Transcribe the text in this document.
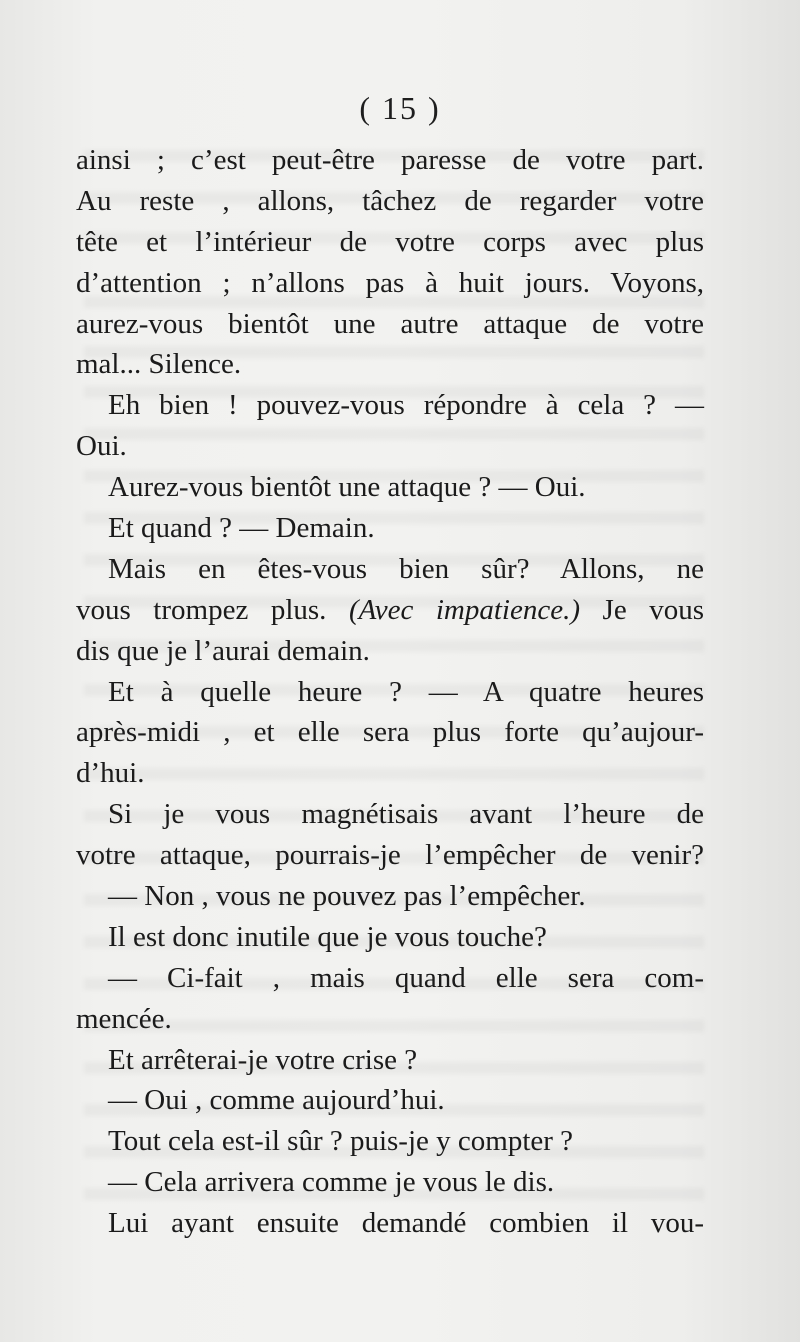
( 15 )
ainsi ; c’est peut-être paresse de votre part.
Au reste , allons, tâchez de regarder votre
tête et l’intérieur de votre corps avec plus
d’attention ; n’allons pas à huit jours. Voyons,
aurez-vous bientôt une autre attaque de votre
mal... Silence.
Eh bien ! pouvez-vous répondre à cela ? —
Oui.
Aurez-vous bientôt une attaque ? — Oui.
Et quand ? — Demain.
Mais en êtes-vous bien sûr? Allons, ne
vous trompez plus. (Avec impatience.) Je vous
dis que je l’aurai demain.
Et à quelle heure ? — A quatre heures
après-midi , et elle sera plus forte qu’aujour-
d’hui.
Si je vous magnétisais avant l’heure de
votre attaque, pourrais-je l’empêcher de venir?
— Non , vous ne pouvez pas l’empêcher.
Il est donc inutile que je vous touche?
— Ci-fait , mais quand elle sera com-
mencée.
Et arrêterai-je votre crise ?
— Oui , comme aujourd’hui.
Tout cela est-il sûr ? puis-je y compter ?
— Cela arrivera comme je vous le dis.
Lui ayant ensuite demandé combien il vou-
